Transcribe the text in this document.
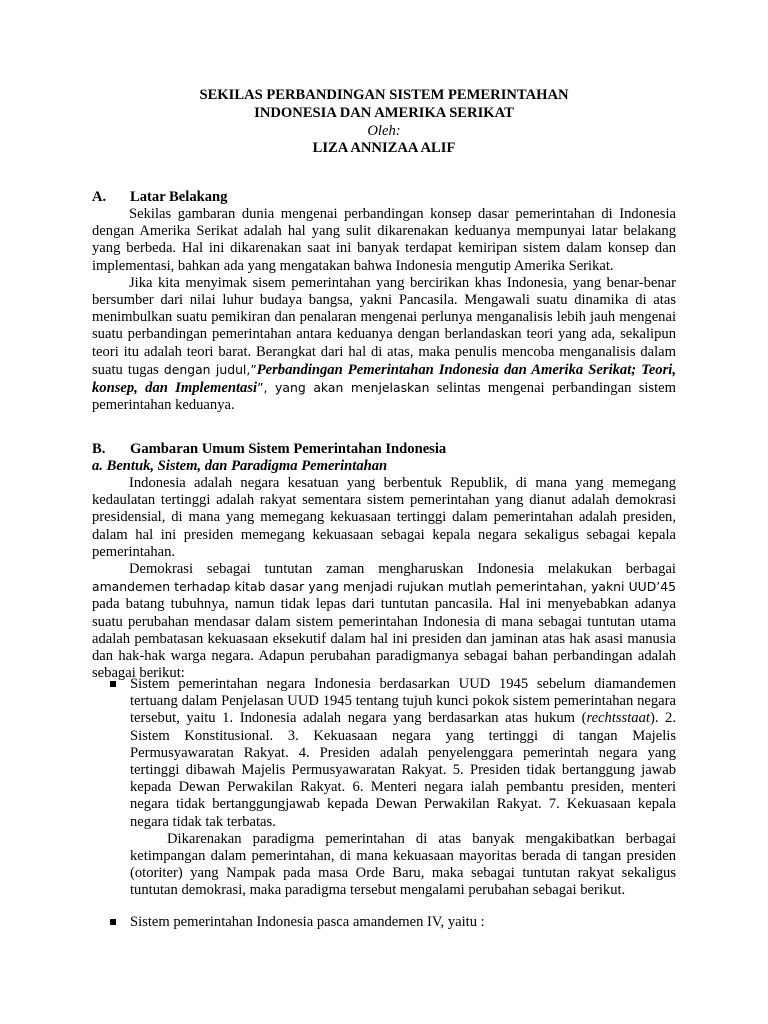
SEKILAS PERBANDINGAN SISTEM PEMERINTAHAN
INDONESIA DAN AMERIKA SERIKAT
Oleh:
LIZA ANNIZAA ALIF
A. Latar Belakang

Sekilas gambaran dunia mengenai perbandingan konsep dasar pemerintahan di Indonesia dengan Amerika Serikat adalah hal yang sulit dikarenakan keduanya mempunyai latar belakang yang berbeda. Hal ini dikarenakan saat ini banyak terdapat kemiripan sistem dalam konsep dan implementasi, bahkan ada yang mengatakan bahwa Indonesia mengutip Amerika Serikat.

Jika kita menyimak sisem pemerintahan yang bercirikan khas Indonesia, yang benar-benar bersumber dari nilai luhur budaya bangsa, yakni Pancasila. Mengawali suatu dinamika di atas menimbulkan suatu pemikiran dan penalaran mengenai perlunya menganalisis lebih jauh mengenai suatu perbandingan pemerintahan antara keduanya dengan berlandaskan teori yang ada, sekalipun teori itu adalah teori barat. Berangkat dari hal di atas, maka penulis mencoba menganalisis dalam suatu tugas dengan judul,”Perbandingan Pemerintahan Indonesia dan Amerika Serikat; Teori, konsep, dan Implementasi”, yang akan menjelaskan selintas mengenai perbandingan sistem pemerintahan keduanya.

B. Gambaran Umum Sistem Pemerintahan Indonesia
a. Bentuk, Sistem, dan Paradigma Pemerintahan

Indonesia adalah negara kesatuan yang berbentuk Republik, di mana yang memegang kedaulatan tertinggi adalah rakyat sementara sistem pemerintahan yang dianut adalah demokrasi presidensial, di mana yang memegang kekuasaan tertinggi dalam pemerintahan adalah presiden, dalam hal ini presiden memegang kekuasaan sebagai kepala negara sekaligus sebagai kepala pemerintahan.

Demokrasi sebagai tuntutan zaman mengharuskan Indonesia melakukan berbagai amandemen terhadap kitab dasar yang menjadi rujukan mutlah pemerintahan, yakni UUD’45 pada batang tubuhnya, namun tidak lepas dari tuntutan pancasila. Hal ini menyebabkan adanya suatu perubahan mendasar dalam sistem pemerintahan Indonesia di mana sebagai tuntutan utama adalah pembatasan kekuasaan eksekutif dalam hal ini presiden dan jaminan atas hak asasi manusia dan hak-hak warga negara. Adapun perubahan paradigmanya sebagai bahan perbandingan adalah sebagai berikut:

Sistem pemerintahan negara Indonesia berdasarkan UUD 1945 sebelum diamandemen tertuang dalam Penjelasan UUD 1945 tentang tujuh kunci pokok sistem pemerintahan negara tersebut, yaitu 1. Indonesia adalah negara yang berdasarkan atas hukum (rechtsstaat). 2. Sistem Konstitusional. 3. Kekuasaan negara yang tertinggi di tangan Majelis Permusyawaratan Rakyat. 4. Presiden adalah penyelenggara pemerintah negara yang tertinggi dibawah Majelis Permusyawaratan Rakyat. 5. Presiden tidak bertanggung jawab kepada Dewan Perwakilan Rakyat. 6. Menteri negara ialah pembantu presiden, menteri negara tidak bertanggungjawab kepada Dewan Perwakilan Rakyat. 7. Kekuasaan kepala negara tidak tak terbatas.

Dikarenakan paradigma pemerintahan di atas banyak mengakibatkan berbagai ketimpangan dalam pemerintahan, di mana kekuasaan mayoritas berada di tangan presiden (otoriter) yang Nampak pada masa Orde Baru, maka sebagai tuntutan rakyat sekaligus tuntutan demokrasi, maka paradigma tersebut mengalami perubahan sebagai berikut.

Sistem pemerintahan Indonesia pasca amandemen IV, yaitu :
